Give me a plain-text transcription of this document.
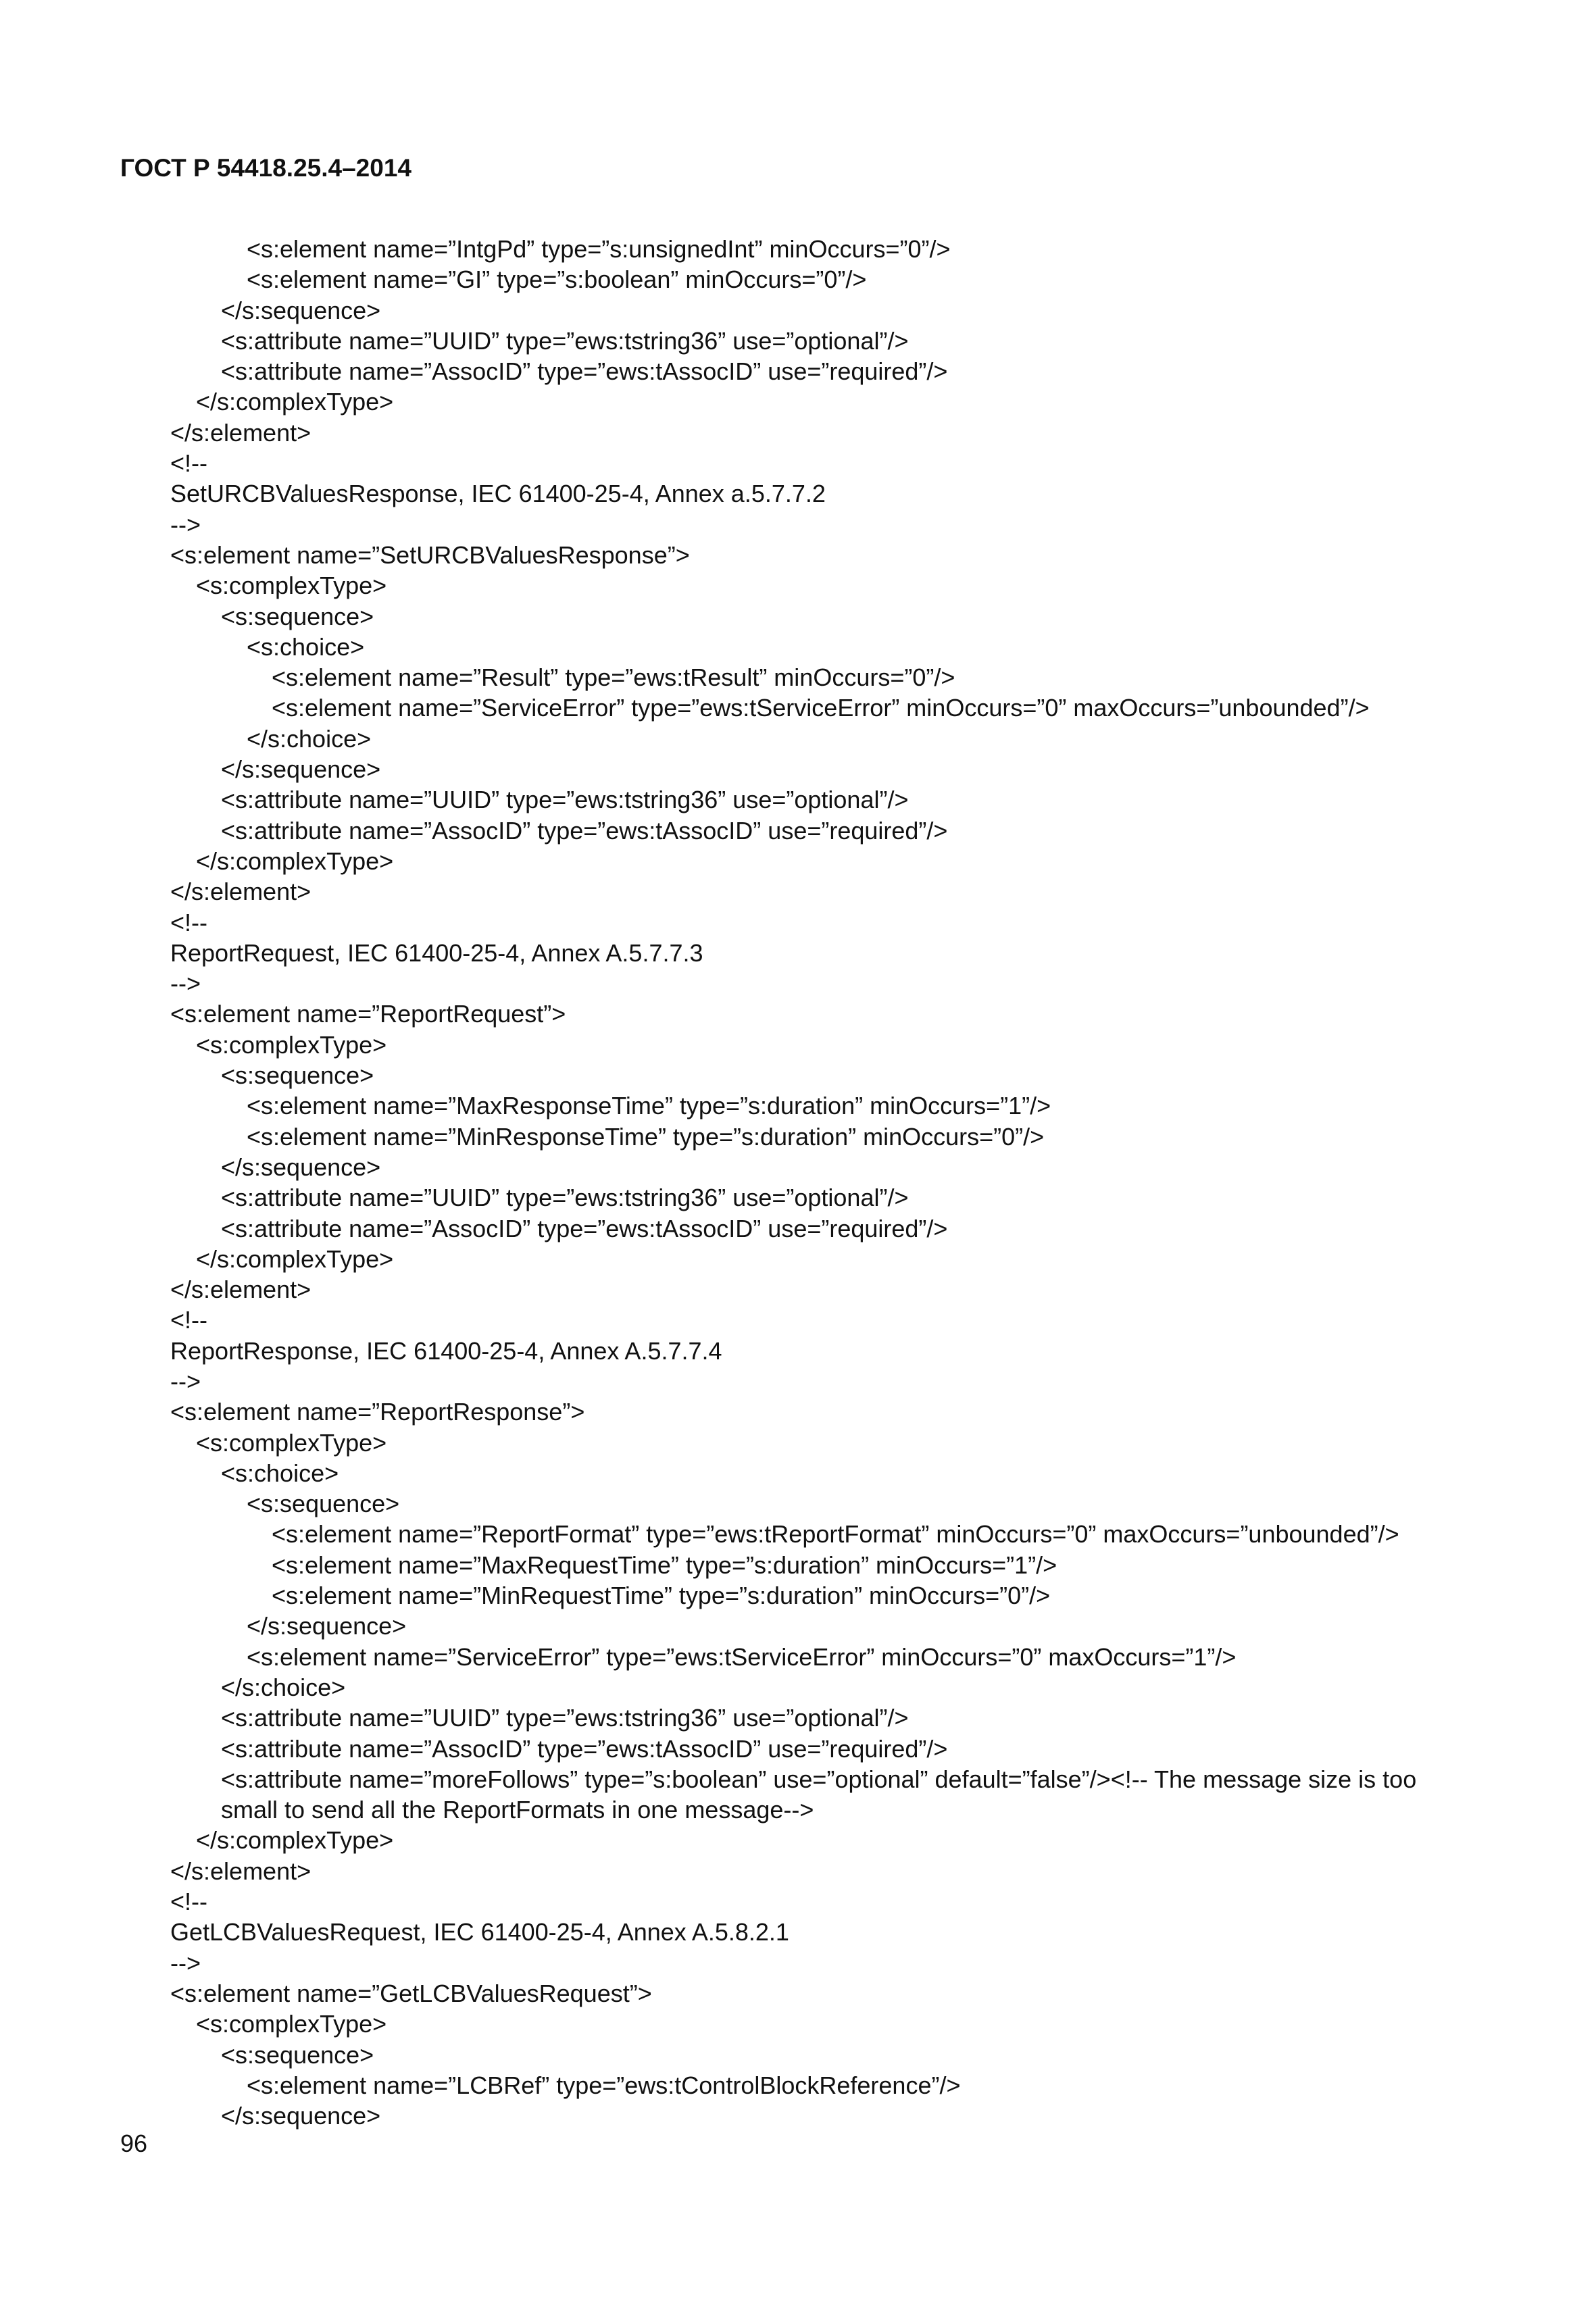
ГОСТ Р 54418.25.4–2014
<s:element name=”IntgPd” type=”s:unsignedInt” minOccurs=”0”/>
<s:element name=”GI” type=”s:boolean” minOccurs=”0”/>
</s:sequence>
<s:attribute name=”UUID” type=”ews:tstring36” use=”optional”/>
<s:attribute name=”AssocID” type=”ews:tAssocID” use=”required”/>
</s:complexType>
</s:element>
<!--
SetURCBValuesResponse, IEC 61400-25-4, Annex a.5.7.7.2
-->
<s:element name=”SetURCBValuesResponse”>
<s:complexType>
<s:sequence>
<s:choice>
<s:element name=”Result” type=”ews:tResult” minOccurs=”0”/>
<s:element name=”ServiceError” type=”ews:tServiceError” minOccurs=”0” maxOccurs=”unbounded”/>
</s:choice>
</s:sequence>
<s:attribute name=”UUID” type=”ews:tstring36” use=”optional”/>
<s:attribute name=”AssocID” type=”ews:tAssocID” use=”required”/>
</s:complexType>
</s:element>
<!--
ReportRequest, IEC 61400-25-4, Annex A.5.7.7.3
-->
<s:element name=”ReportRequest”>
<s:complexType>
<s:sequence>
<s:element name=”MaxResponseTime” type=”s:duration” minOccurs=”1”/>
<s:element name=”MinResponseTime” type=”s:duration” minOccurs=”0”/>
</s:sequence>
<s:attribute name=”UUID” type=”ews:tstring36” use=”optional”/>
<s:attribute name=”AssocID” type=”ews:tAssocID” use=”required”/>
</s:complexType>
</s:element>
<!--
ReportResponse, IEC 61400-25-4, Annex A.5.7.7.4
-->
<s:element name=”ReportResponse”>
<s:complexType>
<s:choice>
<s:sequence>
<s:element name=”ReportFormat” type=”ews:tReportFormat” minOccurs=”0” maxOccurs=”unbounded”/>
<s:element name=”MaxRequestTime” type=”s:duration” minOccurs=”1”/>
<s:element name=”MinRequestTime” type=”s:duration” minOccurs=”0”/>
</s:sequence>
<s:element name=”ServiceError” type=”ews:tServiceError” minOccurs=”0” maxOccurs=”1”/>
</s:choice>
<s:attribute name=”UUID” type=”ews:tstring36” use=”optional”/>
<s:attribute name=”AssocID” type=”ews:tAssocID” use=”required”/>
<s:attribute name=”moreFollows” type=”s:boolean” use=”optional” default=”false”/><!-- The message size is too
small to send all the ReportFormats in one message-->
</s:complexType>
</s:element>
<!--
GetLCBValuesRequest, IEC 61400-25-4, Annex A.5.8.2.1
-->
<s:element name=”GetLCBValuesRequest”>
<s:complexType>
<s:sequence>
<s:element name=”LCBRef” type=”ews:tControlBlockReference”/>
</s:sequence>
96
